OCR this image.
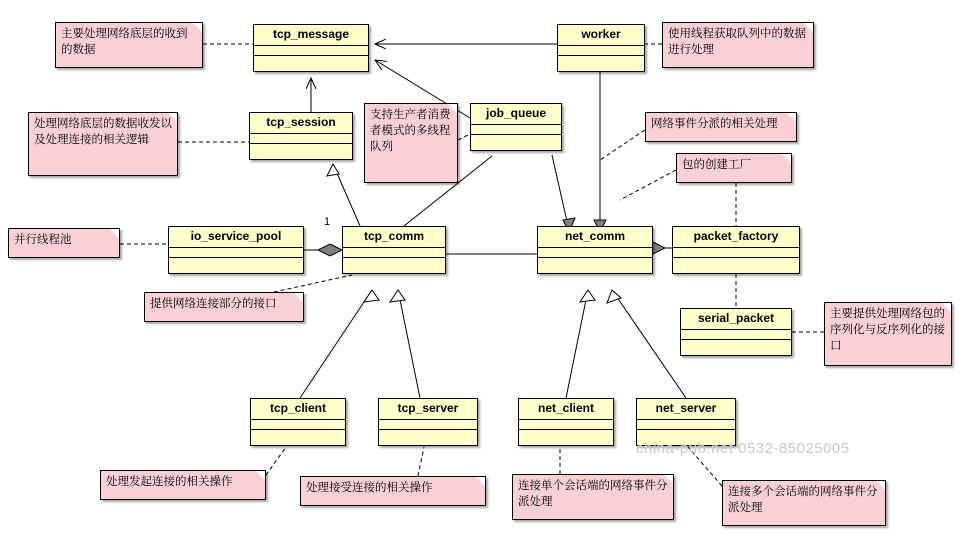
tcp_message	worker
tcp_session
job_queue
io_service_pool	tcp_comm	net_comm	packet_factory
serial_packet
tcp_client	tcp_server	net_client	net_server
1
主要处理网络底层的收到的数据
使用线程获取队列中的数据进行处理
处理网络底层的数据收发以及处理连接的相关逻辑
支持生产者消费者模式的多线程队列
网络事件分派的相关处理
包的创建工厂
并行线程池
提供网络连接部分的接口
主要提供处理网络包的序列化与反序列化的接口
处理发起连接的相关操作	处理接受连接的相关操作	连接单个会话端的网络事件分派处理
连接多个会话端的网络事件分派处理
china-pub.net 0532-85025005
